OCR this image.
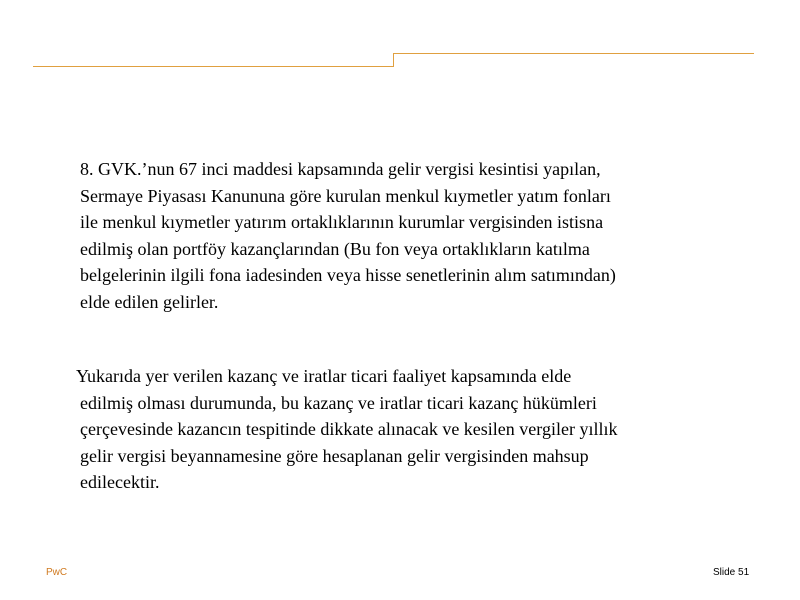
8. GVK.’nun 67 inci maddesi kapsamında gelir vergisi kesintisi yapılan,
Sermaye Piyasası Kanununa göre kurulan menkul kıymetler yatım fonları
ile menkul kıymetler yatırım ortaklıklarının kurumlar vergisinden istisna
edilmiş olan portföy kazançlarından (Bu fon veya ortaklıkların katılma
belgelerinin ilgili fona iadesinden veya hisse senetlerinin alım satımından)
elde edilen gelirler.
Yukarıda yer verilen kazanç ve iratlar ticari faaliyet kapsamında elde
edilmiş olması durumunda, bu kazanç ve iratlar ticari kazanç hükümleri
çerçevesinde kazancın tespitinde dikkate alınacak ve kesilen vergiler yıllık
gelir vergisi beyannamesine göre hesaplanan gelir vergisinden mahsup
edilecektir.
PwC	Slide 51
